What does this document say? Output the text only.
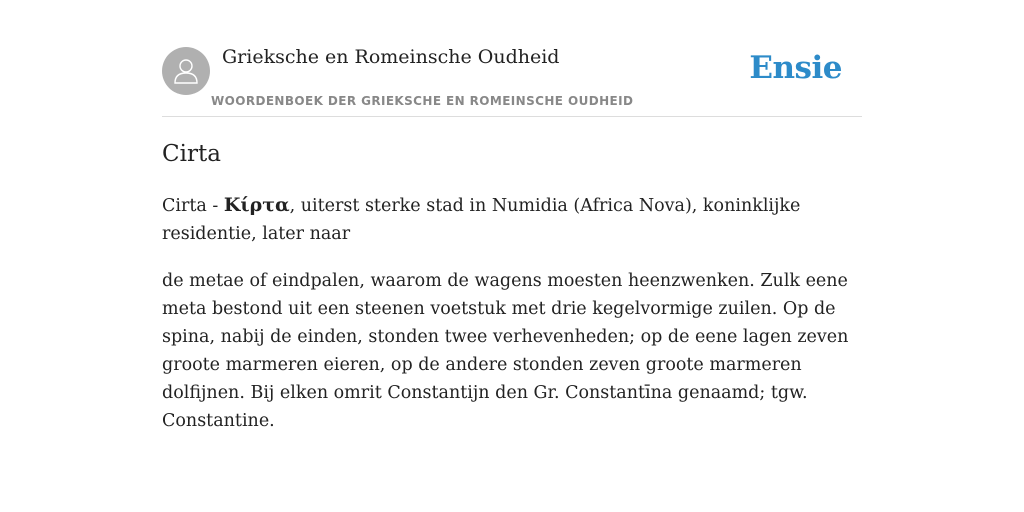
Grieksche en Romeinsche Oudheid
WOORDENBOEK DER GRIEKSCHE EN ROMEINSCHE OUDHEID
Ensie
Cirta

Cirta - Κίρτα, uiterst sterke stad in Numidia (Africa Nova), koninklijke residentie, later naar

de metae of eindpalen, waarom de wagens moesten heenzwenken. Zulk eene meta bestond uit een steenen voetstuk met drie kegelvormige zuilen. Op de spina, nabij de einden, stonden twee verhevenheden; op de eene lagen zeven groote marmeren eieren, op de andere stonden zeven groote marmeren dolfijnen. Bij elken omrit Constantijn den Gr. Constantīna genaamd; tgw. Constantine.
